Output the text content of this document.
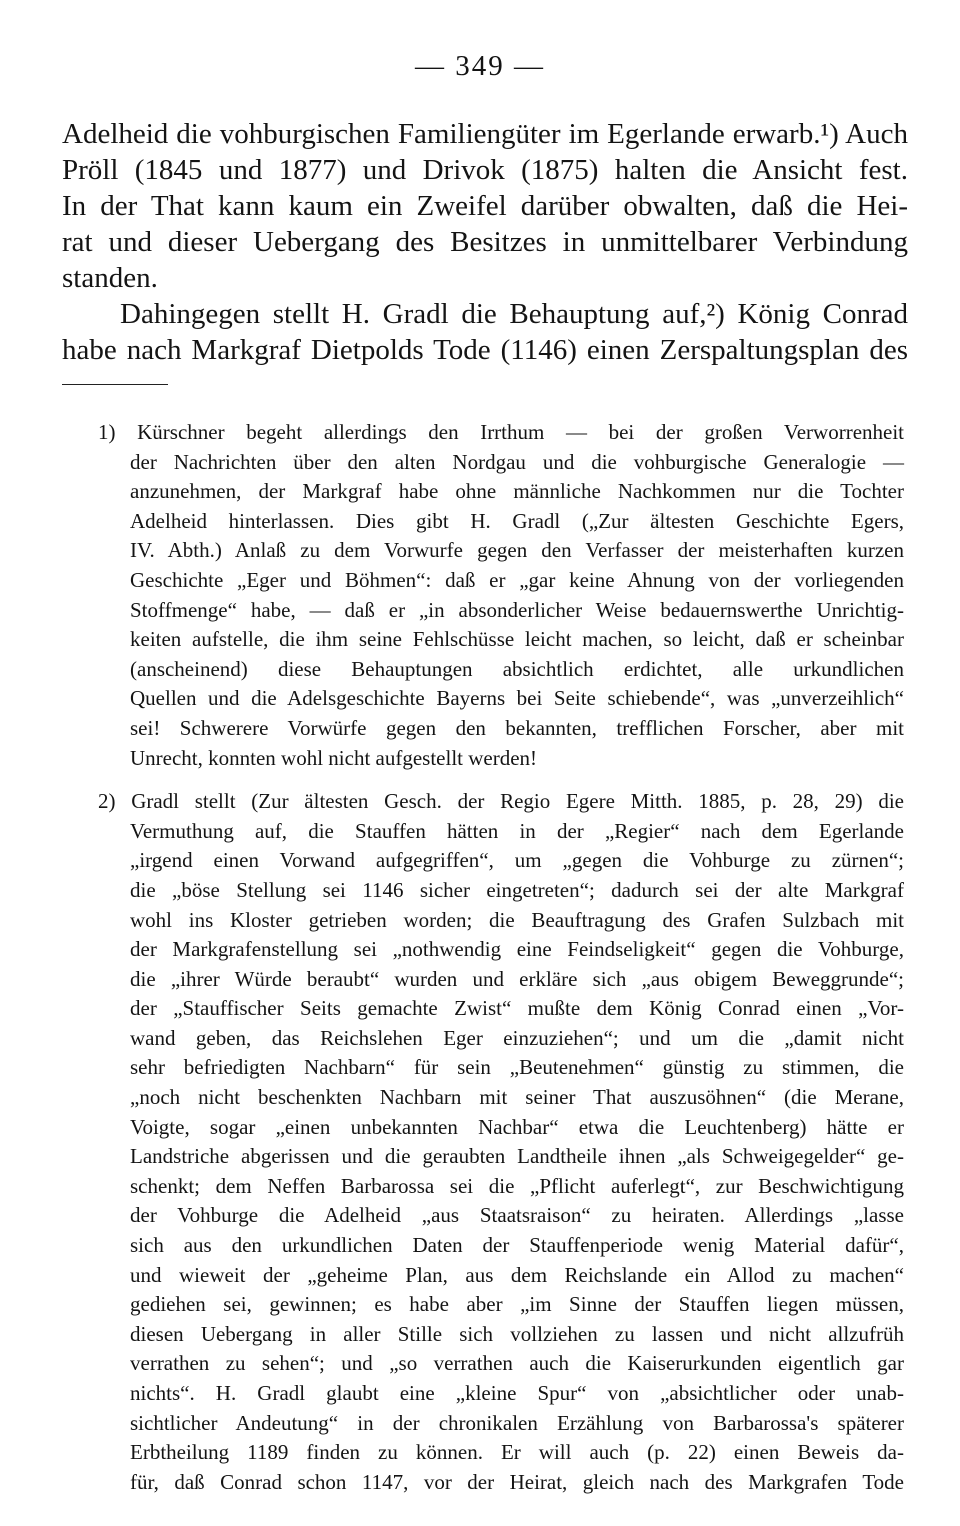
— 349 —
Adelheid die vohburgischen Familiengüter im Egerlande erwarb.¹) Auch
Pröll (1845 und 1877) und Drivok (1875) halten die Ansicht fest.
In der That kann kaum ein Zweifel darüber obwalten, daß die Hei-
rat und dieser Uebergang des Besitzes in unmittelbarer Verbindung
standen.
Dahingegen stellt H. Gradl die Behauptung auf,²) König Conrad
habe nach Markgraf Dietpolds Tode (1146) einen Zerspaltungsplan des
1) Kürschner begeht allerdings den Irrthum — bei der großen Verworrenheit
der Nachrichten über den alten Nordgau und die vohburgische Generalogie —
anzunehmen, der Markgraf habe ohne männliche Nachkommen nur die Tochter
Adelheid hinterlassen. Dies gibt H. Gradl („Zur ältesten Geschichte Egers,
IV. Abth.) Anlaß zu dem Vorwurfe gegen den Verfasser der meisterhaften kurzen
Geschichte „Eger und Böhmen“: daß er „gar keine Ahnung von der vorliegenden
Stoffmenge“ habe, — daß er „in absonderlicher Weise bedauernswerthe Unrichtig-
keiten aufstelle, die ihm seine Fehlschüsse leicht machen, so leicht, daß er scheinbar
(anscheinend) diese Behauptungen absichtlich erdichtet, alle urkundlichen
Quellen und die Adelsgeschichte Bayerns bei Seite schiebende“, was „unverzeihlich“
sei! Schwerere Vorwürfe gegen den bekannten, trefflichen Forscher, aber mit
Unrecht, konnten wohl nicht aufgestellt werden!
2) Gradl stellt (Zur ältesten Gesch. der Regio Egere Mitth. 1885, p. 28, 29) die
Vermuthung auf, die Stauffen hätten in der „Regier“ nach dem Egerlande
„irgend einen Vorwand aufgegriffen“, um „gegen die Vohburge zu zürnen“;
die „böse Stellung sei 1146 sicher eingetreten“; dadurch sei der alte Markgraf
wohl ins Kloster getrieben worden; die Beauftragung des Grafen Sulzbach mit
der Markgrafenstellung sei „nothwendig eine Feindseligkeit“ gegen die Vohburge,
die „ihrer Würde beraubt“ wurden und erkläre sich „aus obigem Beweggrunde“;
der „Stauffischer Seits gemachte Zwist“ mußte dem König Conrad einen „Vor-
wand geben, das Reichslehen Eger einzuziehen“; und um die „damit nicht
sehr befriedigten Nachbarn“ für sein „Beutenehmen“ günstig zu stimmen, die
„noch nicht beschenkten Nachbarn mit seiner That auszusöhnen“ (die Merane,
Voigte, sogar „einen unbekannten Nachbar“ etwa die Leuchtenberg) hätte er
Landstriche abgerissen und die geraubten Landtheile ihnen „als Schweigegelder“ ge-
schenkt; dem Neffen Barbarossa sei die „Pflicht auferlegt“, zur Beschwichtigung
der Vohburge die Adelheid „aus Staatsraison“ zu heiraten. Allerdings „lasse
sich aus den urkundlichen Daten der Stauffenperiode wenig Material dafür“,
und wieweit der „geheime Plan, aus dem Reichslande ein Allod zu machen“
gediehen sei, gewinnen; es habe aber „im Sinne der Stauffen liegen müssen,
diesen Uebergang in aller Stille sich vollziehen zu lassen und nicht allzufrüh
verrathen zu sehen“; und „so verrathen auch die Kaiserurkunden eigentlich gar
nichts“. H. Gradl glaubt eine „kleine Spur“ von „absichtlicher oder unab-
sichtlicher Andeutung“ in der chronikalen Erzählung von Barbarossa's späterer
Erbtheilung 1189 finden zu können. Er will auch (p. 22) einen Beweis da-
für, daß Conrad schon 1147, vor der Heirat, gleich nach des Markgrafen Tode
